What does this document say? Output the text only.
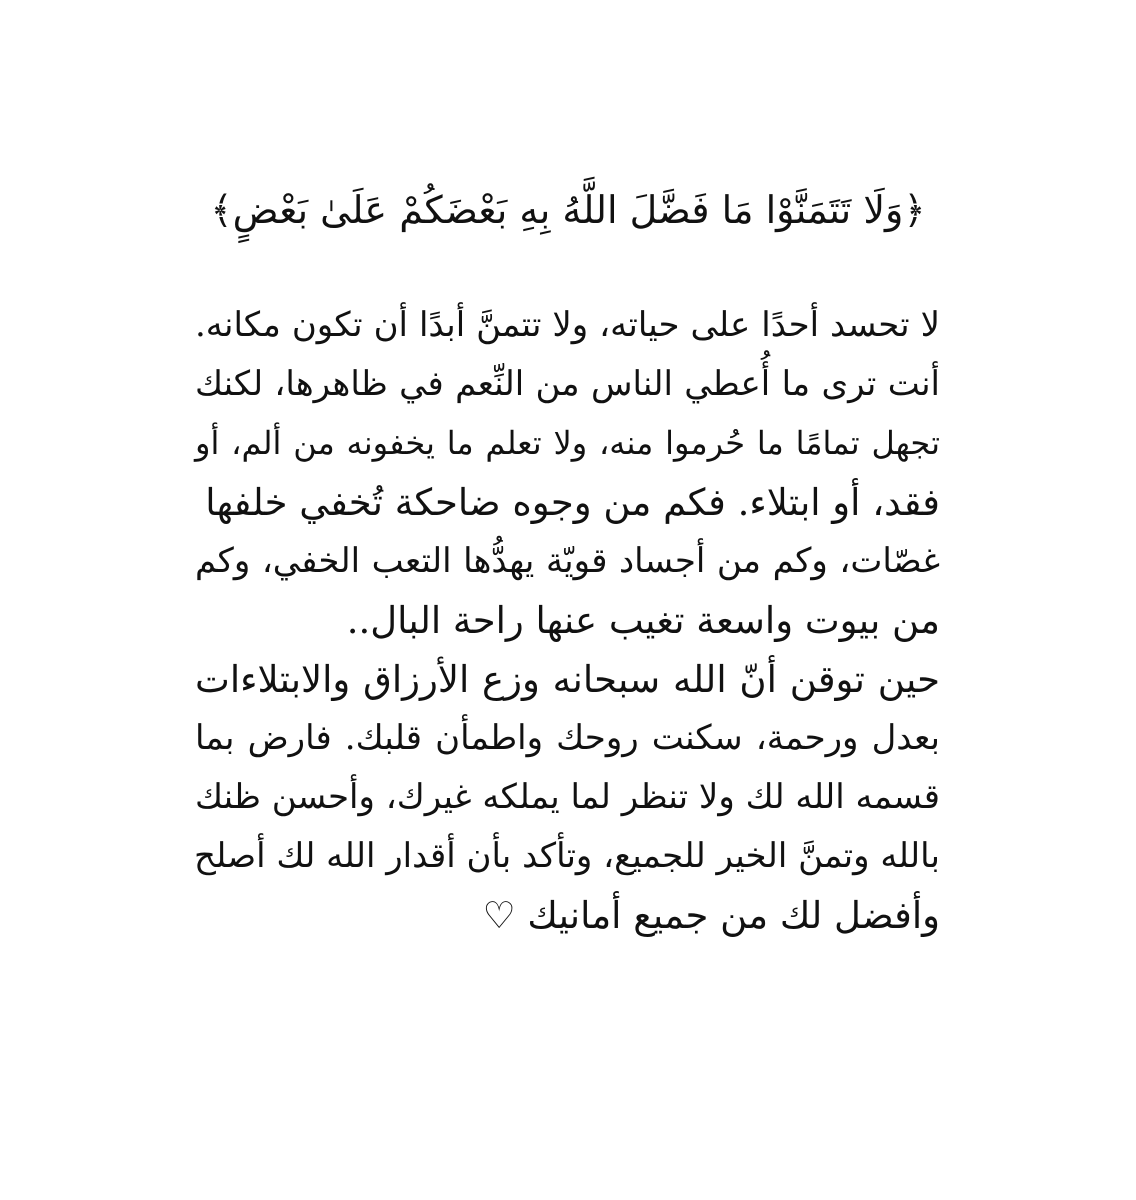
﴿وَلَا تَتَمَنَّوْا مَا فَضَّلَ اللَّهُ بِهِ بَعْضَكُمْ عَلَىٰ بَعْضٍ﴾
لا تحسد أحدًا على حياته، ولا تتمنَّ أبدًا أن تكون مكانه.
أنت ترى ما أُعطي الناس من النِّعم في ظاهرها، لكنك
تجهل تمامًا ما حُرموا منه، ولا تعلم ما يخفونه من ألم، أو
فقد، أو ابتلاء. فكم من وجوه ضاحكة تُخفي خلفها
غصّات، وكم من أجساد قويّة يهدُّها التعب الخفي، وكم
من بيوت واسعة تغيب عنها راحة البال..
حين توقن أنّ الله سبحانه وزع الأرزاق والابتلاءات
بعدل ورحمة، سكنت روحك واطمأن قلبك. فارض بما
قسمه الله لك ولا تنظر لما يملكه غيرك، وأحسن ظنك
بالله وتمنَّ الخير للجميع، وتأكد بأن أقدار الله لك أصلح
وأفضل لك من جميع أمانيك ♡
